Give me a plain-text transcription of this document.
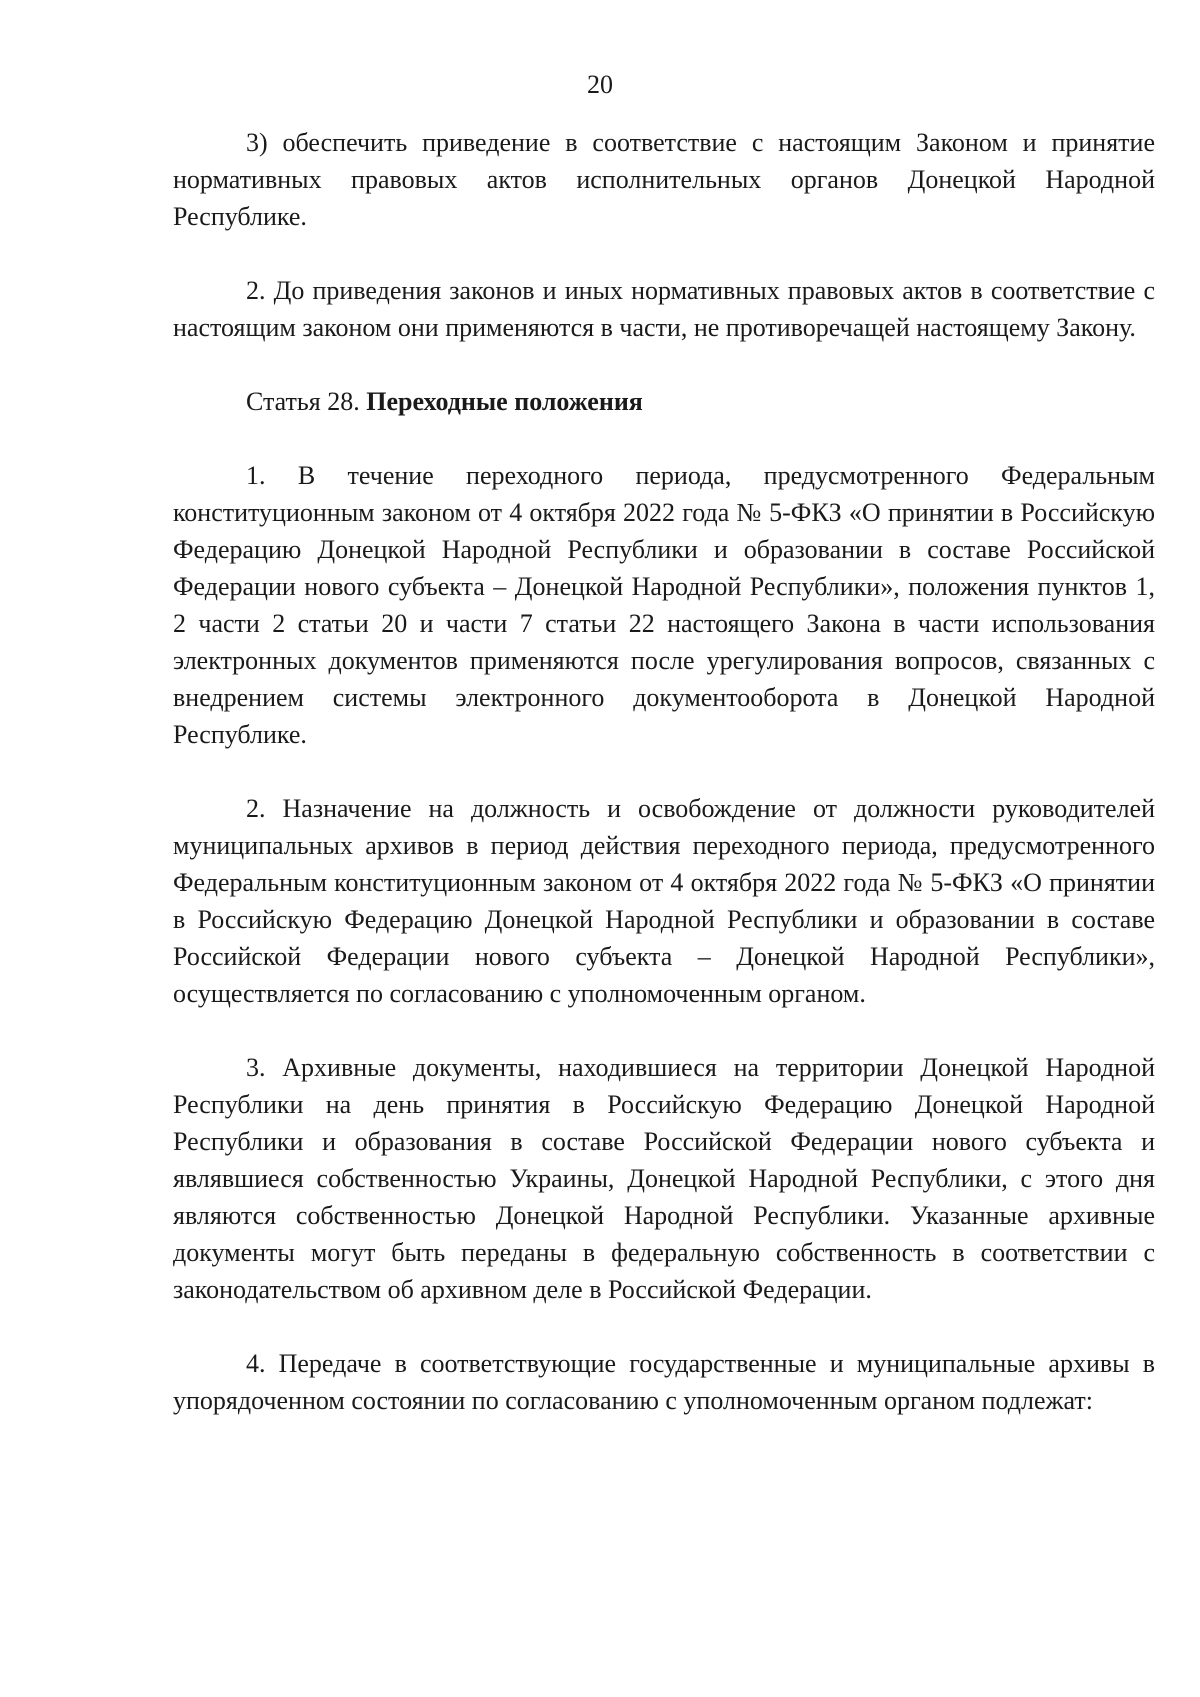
20

3) обеспечить приведение в соответствие с настоящим Законом и принятие нормативных правовых актов исполнительных органов Донецкой Народной Республике.

2. До приведения законов и иных нормативных правовых актов в соответствие с настоящим законом они применяются в части, не противоречащей настоящему Закону.

Статья 28. Переходные положения

1. В течение переходного периода, предусмотренного Федеральным конституционным законом от 4 октября 2022 года № 5-ФКЗ «О принятии в Российскую Федерацию Донецкой Народной Республики и образовании в составе Российской Федерации нового субъекта – Донецкой Народной Республики», положения пунктов 1, 2 части 2 статьи 20 и части 7 статьи 22 настоящего Закона в части использования электронных документов применяются после урегулирования вопросов, связанных с внедрением системы электронного документооборота в Донецкой Народной Республике.

2. Назначение на должность и освобождение от должности руководителей муниципальных архивов в период действия переходного периода, предусмотренного Федеральным конституционным законом от 4 октября 2022 года № 5-ФКЗ «О принятии в Российскую Федерацию Донецкой Народной Республики и образовании в составе Российской Федерации нового субъекта – Донецкой Народной Республики», осуществляется по согласованию с уполномоченным органом.

3. Архивные документы, находившиеся на территории Донецкой Народной Республики на день принятия в Российскую Федерацию Донецкой Народной Республики и образования в составе Российской Федерации нового субъекта и являвшиеся собственностью Украины, Донецкой Народной Республики, с этого дня являются собственностью Донецкой Народной Республики. Указанные архивные документы могут быть переданы в федеральную собственность в соответствии с законодательством об архивном деле в Российской Федерации.

4. Передаче в соответствующие государственные и муниципальные архивы в упорядоченном состоянии по согласованию с уполномоченным органом подлежат:
